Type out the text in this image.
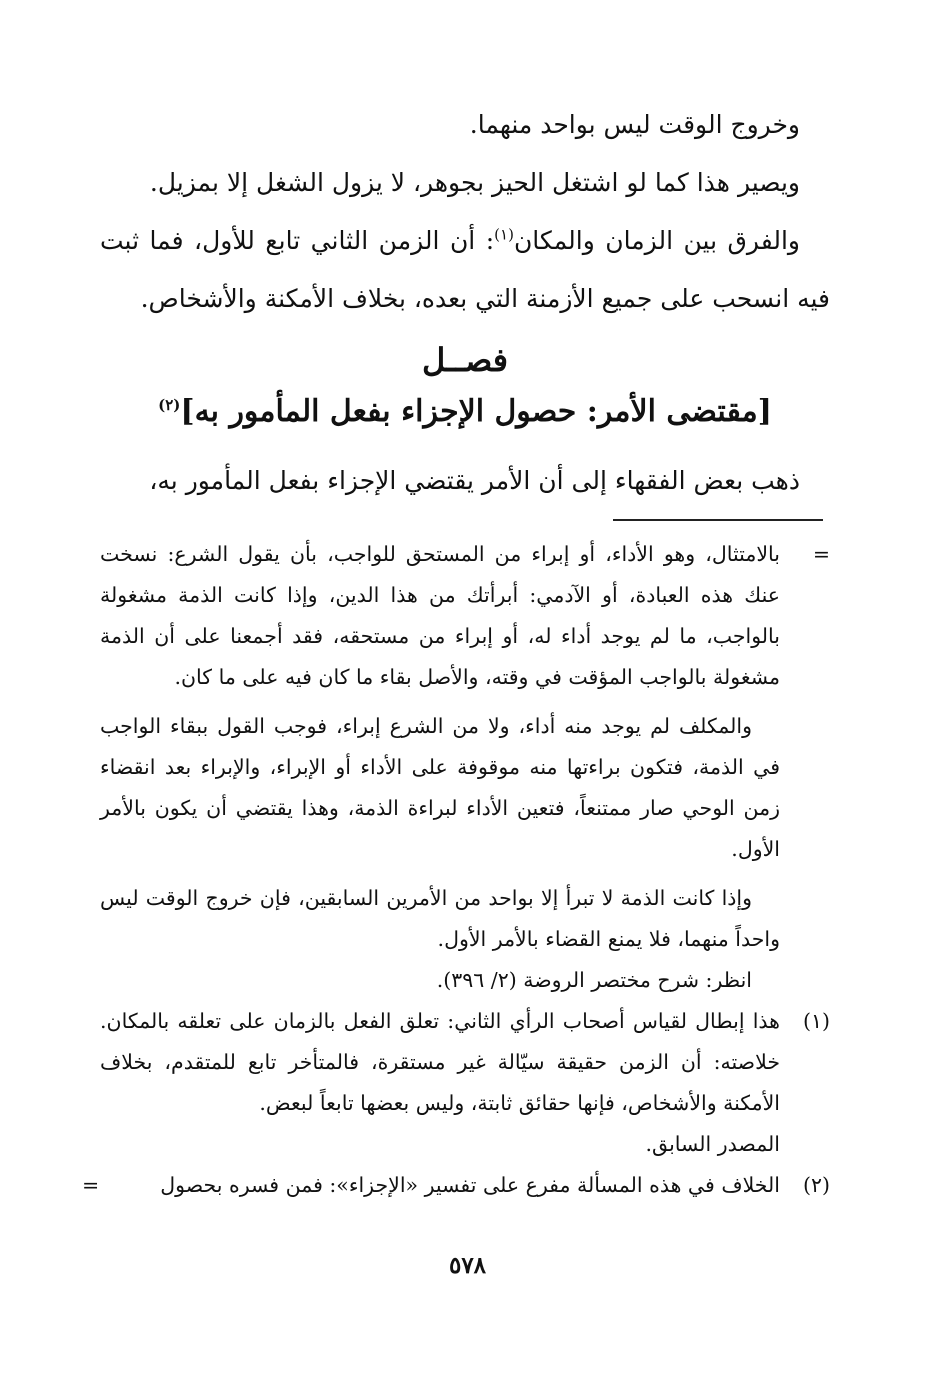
وخروج الوقت ليس بواحد منهما.

ويصير هذا كما لو اشتغل الحيز بجوهر، لا يزول الشغل إلا بمزيل.

والفرق بين الزمان والمكان$^{(١)}$: أن الزمن الثاني تابع للأول، فما ثبت فيه انسحب على جميع الأزمنة التي بعده، بخلاف الأمكنة والأشخاص.

فصــل
[مقتضى الأمر: حصول الإجزاء بفعل المأمور به]$^{(٢)}$

ذهب بعض الفقهاء إلى أن الأمر يقتضي الإجزاء بفعل المأمور به،

=
بالامتثال، وهو الأداء، أو إبراء من المستحق للواجب، بأن يقول الشرع: نسخت عنك هذه العبادة، أو الآدمي: أبرأتك من هذا الدين، وإذا كانت الذمة مشغولة بالواجب، ما لم يوجد أداء له، أو إبراء من مستحقه، فقد أجمعنا على أن الذمة مشغولة بالواجب المؤقت في وقته، والأصل بقاء ما كان فيه على ما كان.

والمكلف لم يوجد منه أداء، ولا من الشرع إبراء، فوجب القول ببقاء الواجب في الذمة، فتكون براءتها منه موقوفة على الأداء أو الإبراء، والإبراء بعد انقضاء زمن الوحي صار ممتنعاً، فتعين الأداء لبراءة الذمة، وهذا يقتضي أن يكون بالأمر الأول.

وإذا كانت الذمة لا تبرأ إلا بواحد من الأمرين السابقين، فإن خروج الوقت ليس واحداً منهما، فلا يمنع القضاء بالأمر الأول.

انظر: شرح مختصر الروضة (٢/ ٣٩٦).

(١)
هذا إبطال لقياس أصحاب الرأي الثاني: تعلق الفعل بالزمان على تعلقه بالمكان. خلاصته: أن الزمن حقيقة سيّالة غير مستقرة، فالمتأخر تابع للمتقدم، بخلاف الأمكنة والأشخاص، فإنها حقائق ثابتة، وليس بعضها تابعاً لبعض.

المصدر السابق.

(٢)
الخلاف في هذه المسألة مفرع على تفسير «الإجزاء»: فمن فسره بحصول
=

٥٧٨
